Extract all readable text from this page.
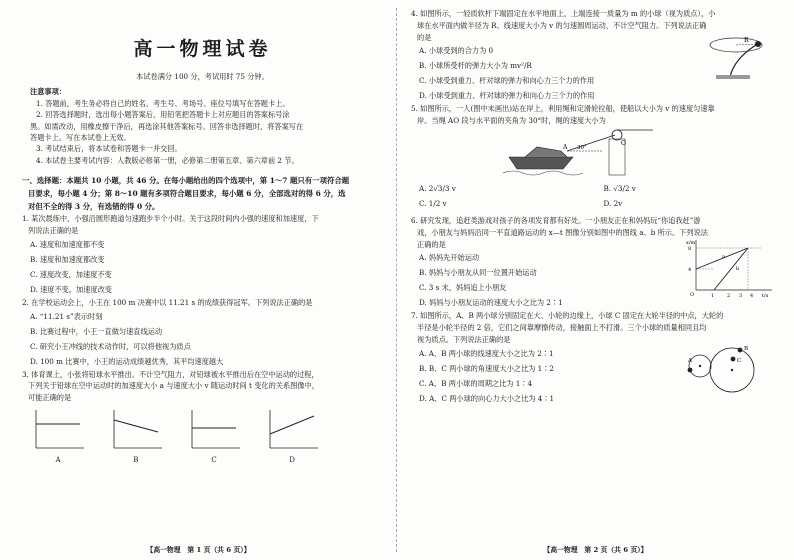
高一物理试卷

本试卷满分 100 分，考试用时 75 分钟。

注意事项：

1. 答题前，考生务必将自己的姓名、考生号、考场号、座位号填写在答题卡上。

2. 回答选择题时，选出每小题答案后，用铅笔把答题卡上对应题目的答案标号涂

黑。如需改动，用橡皮擦干净后，再选涂其他答案标号。回答非选择题时，将答案写在

答题卡上。写在本试卷上无效。

3. 考试结束后，将本试卷和答题卡一并交回。

4. 本试卷主要考试内容：人教版必修第一册，必修第二册第五章、第六章前 2 节。

一、选择题：本题共 10 小题，共 46 分。在每小题给出的四个选项中，第 1～7 题只有一项符合题

目要求，每小题 4 分；第 8～10 题有多项符合题目要求，每小题 6 分，全部选对的得 6 分，选

对但不全的得 3 分，有选错的得 0 分。

1. 某次晨练中，小强沿圆形跑道匀速跑步半个小时。关于这段时间内小强的速度和加速度，下

列说法正确的是

A. 速度和加速度都不变

B. 速度和加速度都改变

C. 速度改变，加速度不变

D. 速度不变，加速度改变

2. 在学校运动会上，小王在 100 m 决赛中以 11.21 s 的成绩获得冠军。下列说法正确的是

A. “11.21 s”表示时刻

B. 比赛过程中，小王一直做匀速直线运动

C. 研究小王冲线的技术动作时，可以将他视为质点

D. 100 m 比赛中，小王的运动成绩越优秀，其平均速度越大

3. 体育课上，小张将铅球水平推出。不计空气阻力，对铅球被水平推出后在空中运动的过程，

下列关于铅球在空中运动时的加速度大小 a 与速度大小 v 随运动时间 t 变化的关系图像中，

可能正确的是

A	B	C	D
【高一物理　第 1 页（共 6 页）】

4. 如图所示，一轻质软杆下端固定在水平地面上，上端连接一质量为 m 的小球（视为质点），小

球在水平面内做半径为 R、线速度大小为 v 的匀速圆周运动，不计空气阻力。下列说法正确

的是

A. 小球受到的合力为 0

B. 小球所受杆的弹力大小为 mv²/R

C. 小球受到重力、杆对球的弹力和向心力三个力的作用

D. 小球受到重力、杆对球的弹力和向心力三个力的作用

R

5. 如图所示，一人(图中未画出)站在岸上，利用绳和定滑轮拉船，使船以大小为 v 的速度匀速靠

岸。当绳 AO 段与水平面的夹角为 30°时，绳的速度大小为

A
O
30°

A. 2√3/3 v	B. √3/2 v

C. 1/2 v	D. 2v

6. 研究发现，追赶类游戏对孩子的各项发育都有好处。一小朋友正在和妈妈玩“你追我赶”游

戏，小朋友与妈妈沿同一平直道路运动的 x—t 图像分别如图中的图线 a、b 所示。下列说法

正确的是

A. 妈妈先开始运动

B. 妈妈与小朋友从同一位置开始运动

C. 3 s 末，妈妈追上小朋友

D. 妈妈与小朋友运动的速度大小之比为 2∶1

x/m
t/s
O	1	2 3 4
8
4
a
b

7. 如图所示，A、B 两小球分别固定在大、小轮的边缘上，小球 C 固定在大轮半径的中点，大轮的

半径是小轮半径的 2 倍，它们之间靠摩擦传动，接触面上不打滑。三个小球的质量相同且均

视为质点。下列说法正确的是

A. A、B 两小球的线速度大小之比为 2∶1

B. B、C 两小球的角速度大小之比为 1∶2

C. A、B 两小球的周期之比为 1∶4

D. A、C 两小球的向心力大小之比为 4∶1

A
B
C
【高一物理　第 2 页（共 6 页）】
